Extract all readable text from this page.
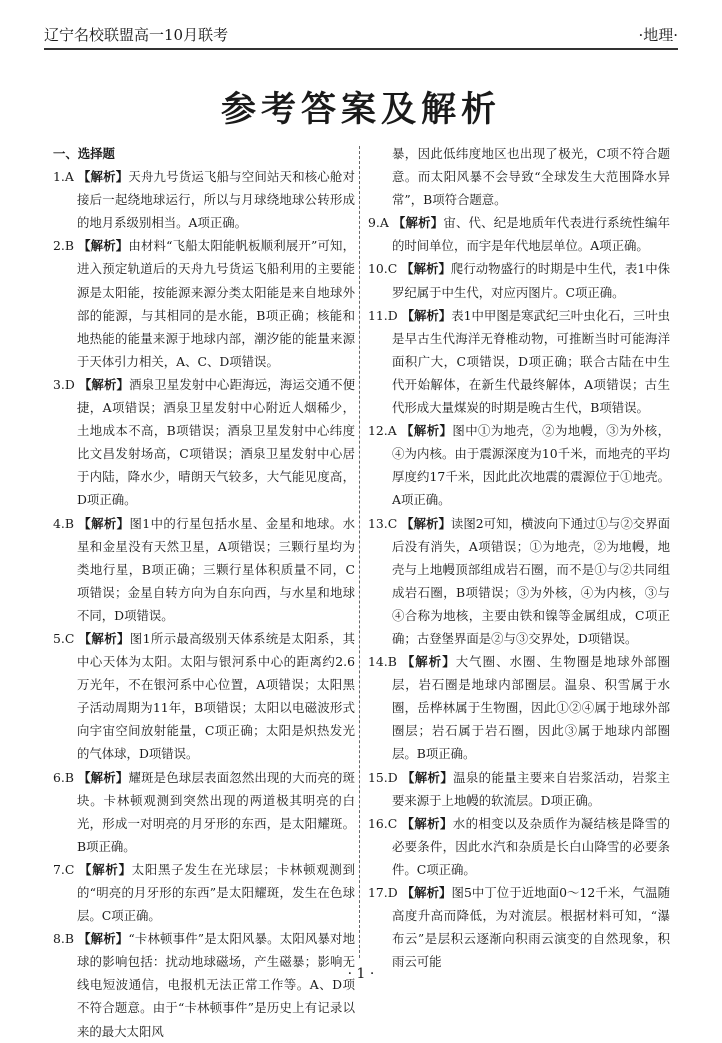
辽宁名校联盟高一10月联考	·地理·
参考答案及解析
一、选择题
1.A 【解析】天舟九号货运飞船与空间站天和核心舱对接后一起绕地球运行，所以与月球绕地球公转形成的地月系级别相当。A项正确。
2.B 【解析】由材料“飞船太阳能帆板顺利展开”可知，进入预定轨道后的天舟九号货运飞船利用的主要能源是太阳能，按能源来源分类太阳能是来自地球外部的能源，与其相同的是水能，B项正确；核能和地热能的能量来源于地球内部，潮汐能的能量来源于天体引力相关，A、C、D项错误。
3.D 【解析】酒泉卫星发射中心距海远，海运交通不便捷，A项错误；酒泉卫星发射中心附近人烟稀少，土地成本不高，B项错误；酒泉卫星发射中心纬度比文昌发射场高，C项错误；酒泉卫星发射中心居于内陆，降水少，晴朗天气较多，大气能见度高，D项正确。
4.B 【解析】图1中的行星包括水星、金星和地球。水星和金星没有天然卫星，A项错误；三颗行星均为类地行星，B项正确；三颗行星体积质量不同，C项错误；金星自转方向为自东向西，与水星和地球不同，D项错误。
5.C 【解析】图1所示最高级别天体系统是太阳系，其中心天体为太阳。太阳与银河系中心的距离约2.6万光年，不在银河系中心位置，A项错误；太阳黑子活动周期为11年，B项错误；太阳以电磁波形式向宇宙空间放射能量，C项正确；太阳是炽热发光的气体球，D项错误。
6.B 【解析】耀斑是色球层表面忽然出现的大而亮的斑块。卡林顿观测到突然出现的两道极其明亮的白光，形成一对明亮的月牙形的东西，是太阳耀斑。B项正确。
7.C 【解析】太阳黑子发生在光球层；卡林顿观测到的“明亮的月牙形的东西”是太阳耀斑，发生在色球层。C项正确。
8.B 【解析】“卡林顿事件”是太阳风暴。太阳风暴对地球的影响包括：扰动地球磁场，产生磁暴；影响无线电短波通信，电报机无法正常工作等。A、D项不符合题意。由于“卡林顿事件”是历史上有记录以来的最大太阳风
暴，因此低纬度地区也出现了极光，C项不符合题意。而太阳风暴不会导致“全球发生大范围降水异常”，B项符合题意。
9.A 【解析】宙、代、纪是地质年代表进行系统性编年的时间单位，而宇是年代地层单位。A项正确。
10.C 【解析】爬行动物盛行的时期是中生代，表1中侏罗纪属于中生代，对应丙图片。C项正确。
11.D 【解析】表1中甲图是寒武纪三叶虫化石，三叶虫是早古生代海洋无脊椎动物，可推断当时可能海洋面积广大，C项错误，D项正确；联合古陆在中生代开始解体，在新生代最终解体，A项错误；古生代形成大量煤炭的时期是晚古生代，B项错误。
12.A 【解析】图中①为地壳，②为地幔，③为外核，④为内核。由于震源深度为10千米，而地壳的平均厚度约17千米，因此此次地震的震源位于①地壳。A项正确。
13.C 【解析】读图2可知，横波向下通过①与②交界面后没有消失，A项错误；①为地壳，②为地幔，地壳与上地幔顶部组成岩石圈，而不是①与②共同组成岩石圈，B项错误；③为外核，④为内核，③与④合称为地核，主要由铁和镍等金属组成，C项正确；古登堡界面是②与③交界处，D项错误。
14.B 【解析】大气圈、水圈、生物圈是地球外部圈层，岩石圈是地球内部圈层。温泉、积雪属于水圈，岳桦林属于生物圈，因此①②④属于地球外部圈层；岩石属于岩石圈，因此③属于地球内部圈层。B项正确。
15.D 【解析】温泉的能量主要来自岩浆活动，岩浆主要来源于上地幔的软流层。D项正确。
16.C 【解析】水的相变以及杂质作为凝结核是降雪的必要条件，因此水汽和杂质是长白山降雪的必要条件。C项正确。
17.D 【解析】图5中丁位于近地面0～12千米，气温随高度升高而降低，为对流层。根据材料可知，“瀑布云”是层积云逐渐向积雨云演变的自然现象，积雨云可能
· 1 ·
